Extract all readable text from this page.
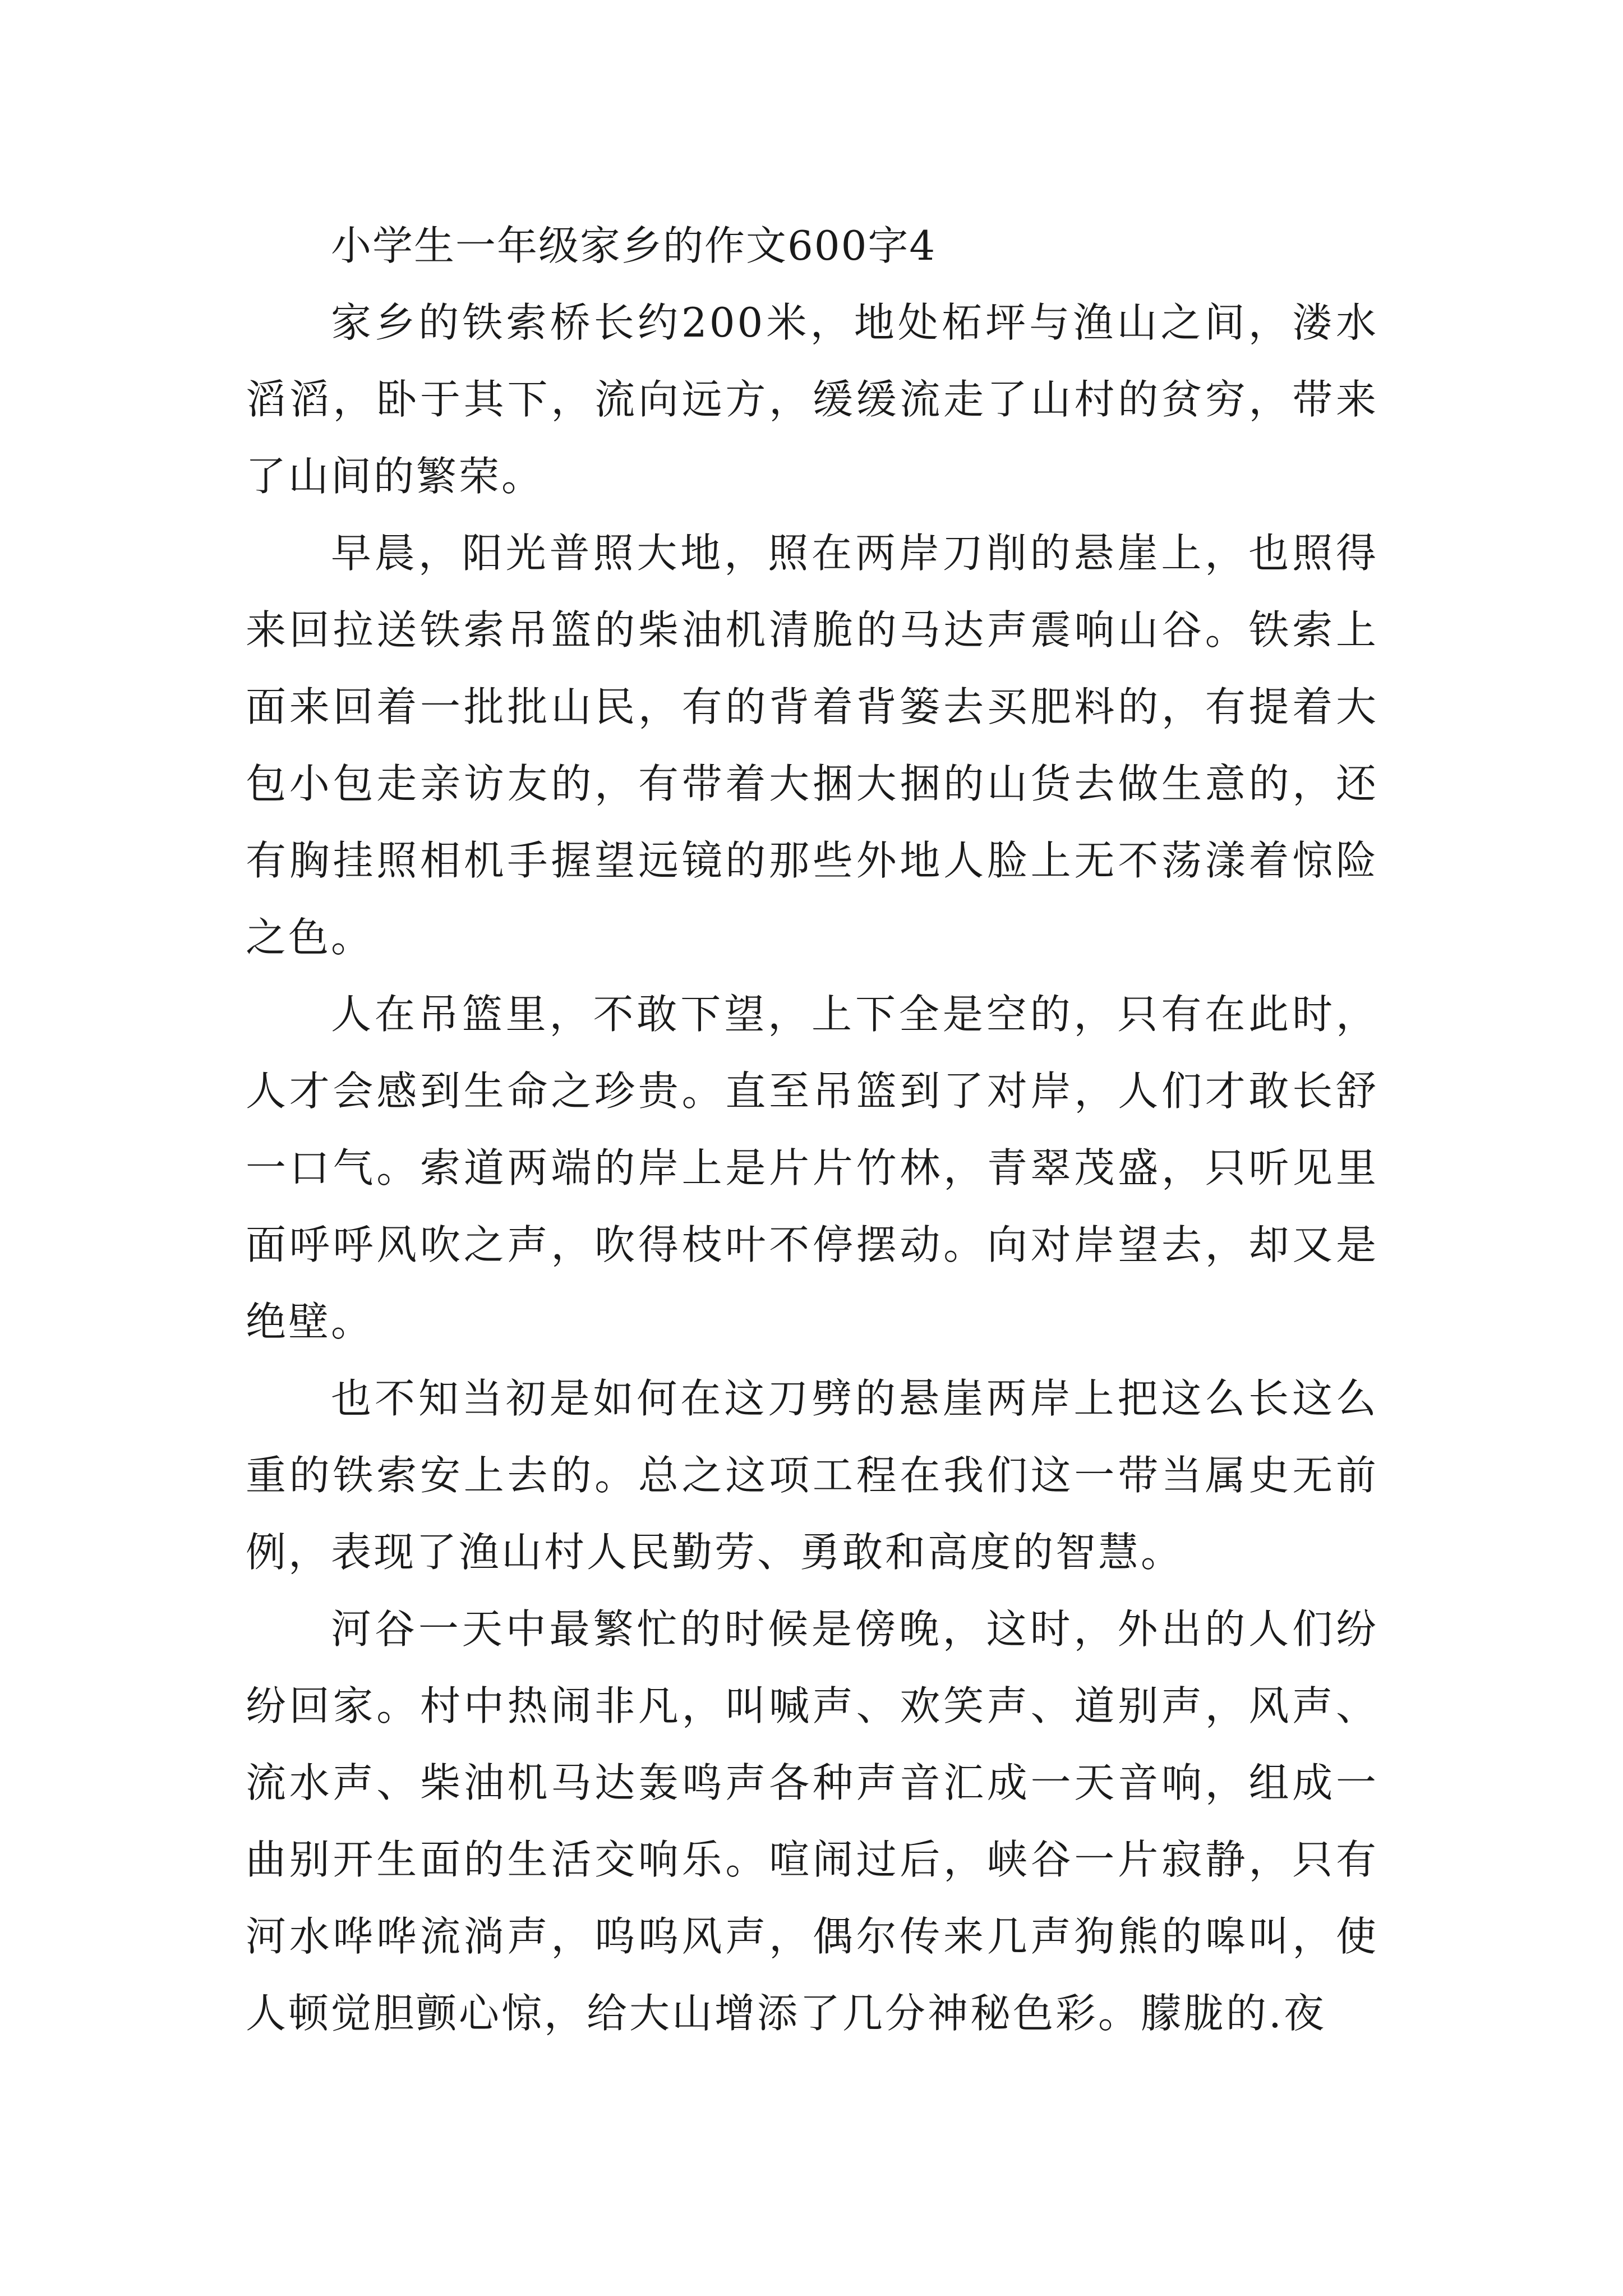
小学生一年级家乡的作文600字4

家乡的铁索桥长约200米，地处柘坪与渔山之间，溇水滔滔，卧于其下，流向远方，缓缓流走了山村的贫穷，带来了山间的繁荣。

早晨，阳光普照大地，照在两岸刀削的悬崖上，也照得来回拉送铁索吊篮的柴油机清脆的马达声震响山谷。铁索上面来回着一批批山民，有的背着背篓去买肥料的，有提着大包小包走亲访友的，有带着大捆大捆的山货去做生意的，还有胸挂照相机手握望远镜的那些外地人脸上无不荡漾着惊险之色。

人在吊篮里，不敢下望，上下全是空的，只有在此时，人才会感到生命之珍贵。直至吊篮到了对岸，人们才敢长舒一口气。索道两端的岸上是片片竹林，青翠茂盛，只听见里面呼呼风吹之声，吹得枝叶不停摆动。向对岸望去，却又是绝壁。

也不知当初是如何在这刀劈的悬崖两岸上把这么长这么重的铁索安上去的。总之这项工程在我们这一带当属史无前例，表现了渔山村人民勤劳、勇敢和高度的智慧。

河谷一天中最繁忙的时候是傍晚，这时，外出的人们纷纷回家。村中热闹非凡，叫喊声、欢笑声、道别声，风声、流水声、柴油机马达轰鸣声各种声音汇成一天音响，组成一曲别开生面的生活交响乐。喧闹过后，峡谷一片寂静，只有河水哗哗流淌声，呜呜风声，偶尔传来几声狗熊的嗥叫，使人顿觉胆颤心惊，给大山增添了几分神秘色彩。朦胧的.夜
